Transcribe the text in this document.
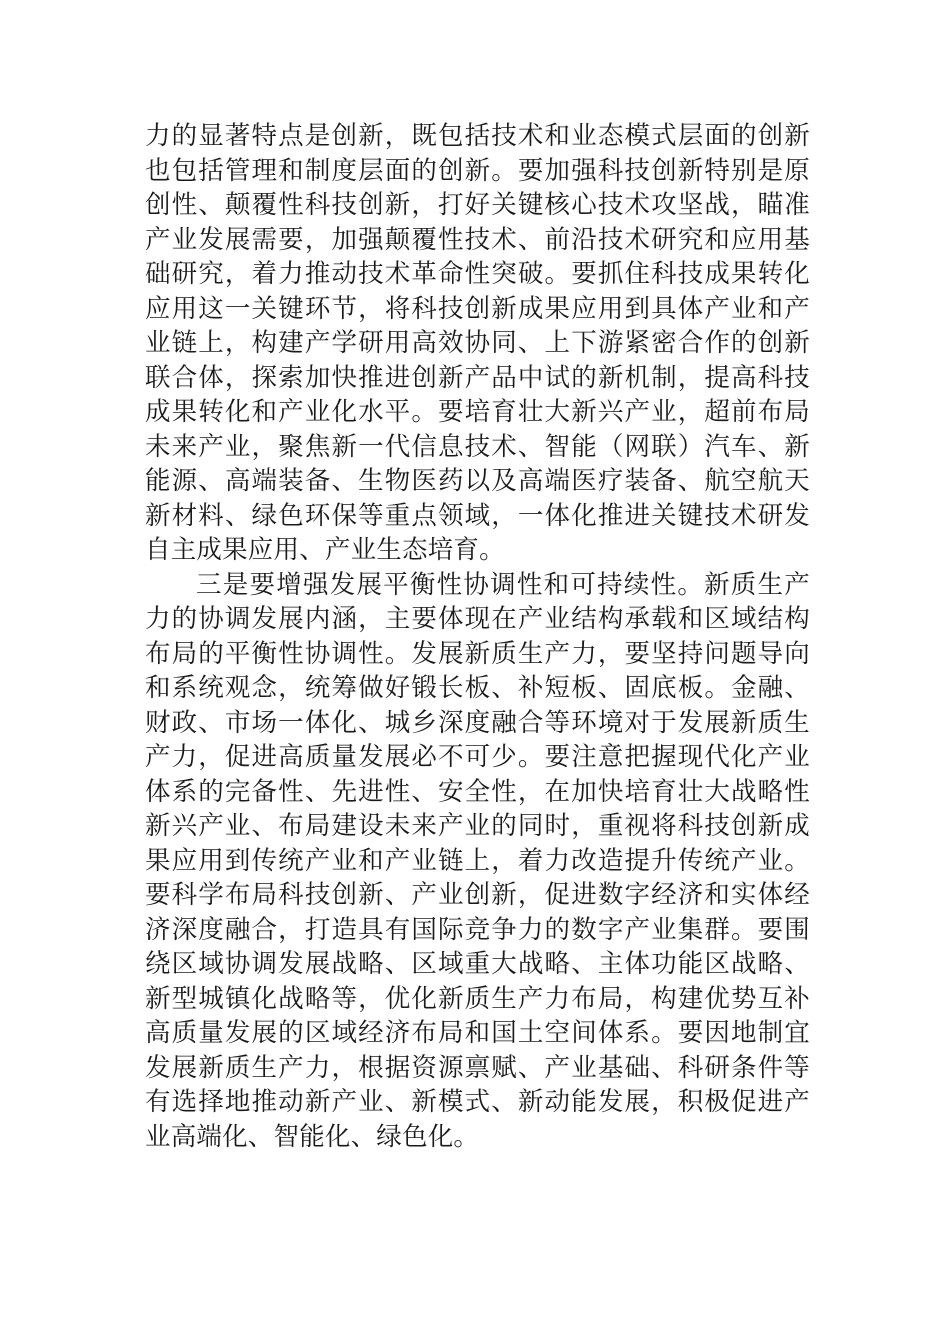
力的显著特点是创新，既包括技术和业态模式层面的创新
也包括管理和制度层面的创新。要加强科技创新特别是原
创性、颠覆性科技创新，打好关键核心技术攻坚战，瞄准
产业发展需要，加强颠覆性技术、前沿技术研究和应用基
础研究，着力推动技术革命性突破。要抓住科技成果转化
应用这一关键环节，将科技创新成果应用到具体产业和产
业链上，构建产学研用高效协同、上下游紧密合作的创新
联合体，探索加快推进创新产品中试的新机制，提高科技
成果转化和产业化水平。要培育壮大新兴产业，超前布局
未来产业，聚焦新一代信息技术、智能（网联）汽车、新
能源、高端装备、生物医药以及高端医疗装备、航空航天
新材料、绿色环保等重点领域，一体化推进关键技术研发
自主成果应用、产业生态培育。
三是要增强发展平衡性协调性和可持续性。新质生产
力的协调发展内涵，主要体现在产业结构承载和区域结构
布局的平衡性协调性。发展新质生产力，要坚持问题导向
和系统观念，统筹做好锻长板、补短板、固底板。金融、
财政、市场一体化、城乡深度融合等环境对于发展新质生
产力，促进高质量发展必不可少。要注意把握现代化产业
体系的完备性、先进性、安全性，在加快培育壮大战略性
新兴产业、布局建设未来产业的同时，重视将科技创新成
果应用到传统产业和产业链上，着力改造提升传统产业。
要科学布局科技创新、产业创新，促进数字经济和实体经
济深度融合，打造具有国际竞争力的数字产业集群。要围
绕区域协调发展战略、区域重大战略、主体功能区战略、
新型城镇化战略等，优化新质生产力布局，构建优势互补
高质量发展的区域经济布局和国土空间体系。要因地制宜
发展新质生产力，根据资源禀赋、产业基础、科研条件等
有选择地推动新产业、新模式、新动能发展，积极促进产
业高端化、智能化、绿色化。
